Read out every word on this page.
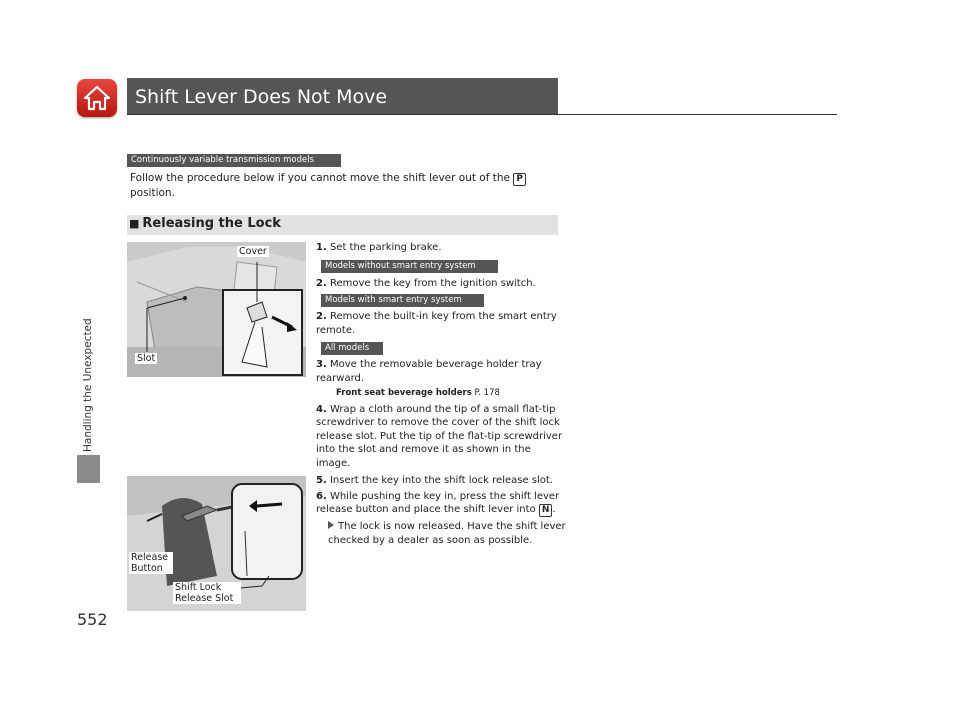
Handling the Unexpected
552
Shift Lever Does Not Move
Continuously variable transmission models
Follow the procedure below if you cannot move the shift lever out of the P
position.
■ Releasing the Lock
Cover
Slot
Release Button
Shift Lock Release Slot
1. Set the parking brake.
Models without smart entry system
2. Remove the key from the ignition switch.
Models with smart entry system
2. Remove the built-in key from the smart entry remote.
All models
3. Move the removable beverage holder tray rearward.
Front seat beverage holders P. 178
4. Wrap a cloth around the tip of a small flat-tip screwdriver to remove the cover of the shift lock release slot. Put the tip of the flat-tip screwdriver into the slot and remove it as shown in the image.
5. Insert the key into the shift lock release slot.
6. While pushing the key in, press the shift lever release button and place the shift lever into N .
The lock is now released. Have the shift lever checked by a dealer as soon as possible.
